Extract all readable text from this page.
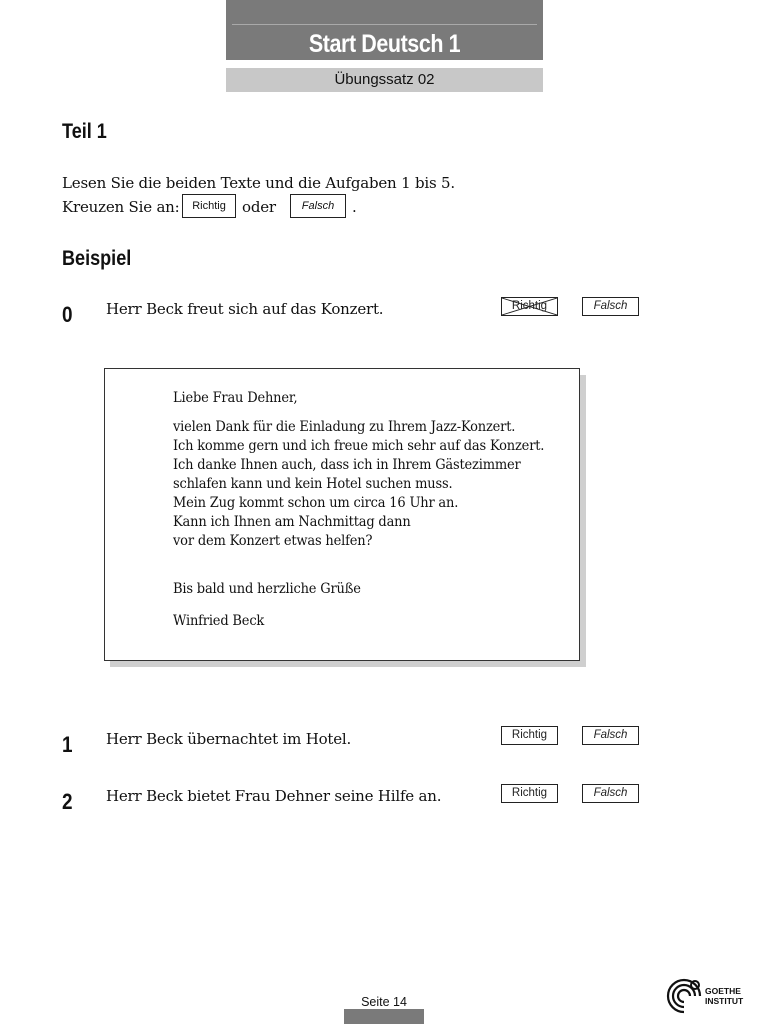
Start Deutsch 1
Übungssatz 02
Teil 1
Lesen Sie die beiden Texte und die Aufgaben 1 bis 5.
Kreuzen Sie an:	Richtig	oder	Falsch	.
Beispiel
0 Herr Beck freut sich auf das Konzert.	Richtig	Falsch
Liebe Frau Dehner,
vielen Dank für die Einladung zu Ihrem Jazz-Konzert.
Ich komme gern und ich freue mich sehr auf das Konzert.
Ich danke Ihnen auch, dass ich in Ihrem Gästezimmer
schlafen kann und kein Hotel suchen muss.
Mein Zug kommt schon um circa 16 Uhr an.
Kann ich Ihnen am Nachmittag dann
vor dem Konzert etwas helfen?
Bis bald und herzliche Grüße
Winfried Beck
1 Herr Beck übernachtet im Hotel.	Richtig	Falsch
2 Herr Beck bietet Frau Dehner seine Hilfe an.	Richtig	Falsch
Seite 14
GOETHE
INSTITUT
